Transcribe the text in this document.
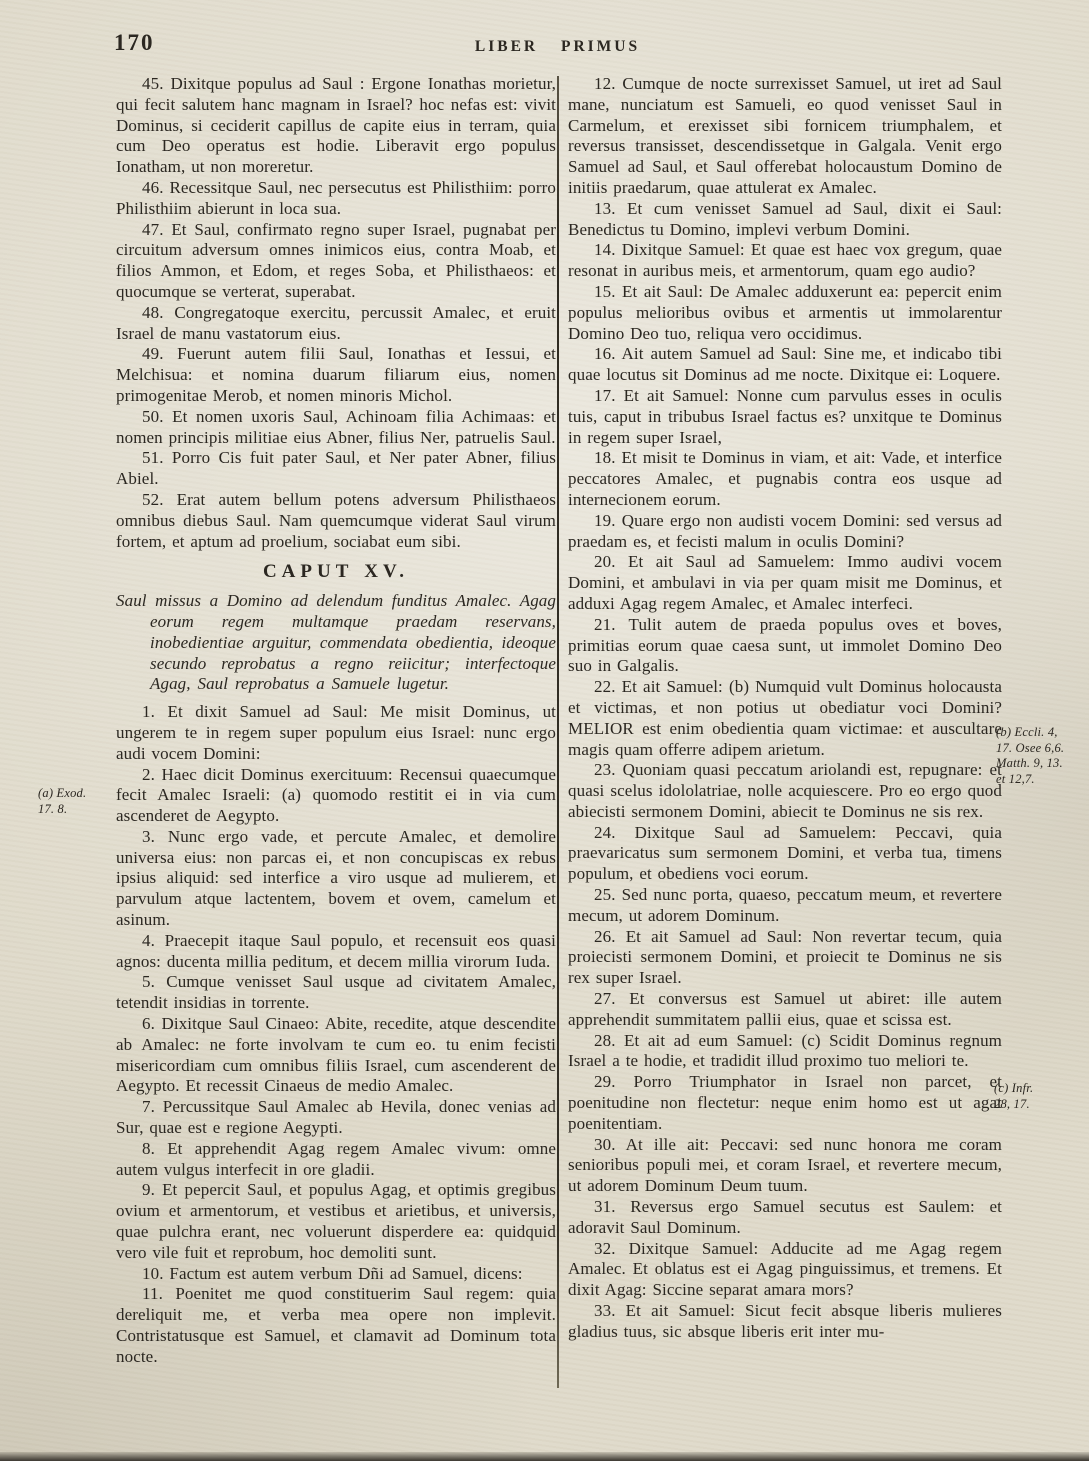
170	LIBER PRIMUS
(a) Exod.
17. 8.

45. Dixitque populus ad Saul : Ergone Ionathas morietur, qui fecit salutem hanc magnam in Israel? hoc nefas est: vivit Dominus, si ceciderit capillus de capite eius in terram, quia cum Deo operatus est hodie. Liberavit ergo populus Ionatham, ut non moreretur.

46. Recessitque Saul, nec persecutus est Philisthiim: porro Philisthiim abierunt in loca sua.

47. Et Saul, confirmato regno super Israel, pugnabat per circuitum adversum omnes inimicos eius, contra Moab, et filios Ammon, et Edom, et reges Soba, et Philisthaeos: et quocumque se verterat, superabat.

48. Congregatoque exercitu, percussit Amalec, et eruit Israel de manu vastatorum eius.

49. Fuerunt autem filii Saul, Ionathas et Iessui, et Melchisua: et nomina duarum filiarum eius, nomen primogenitae Merob, et nomen minoris Michol.

50. Et nomen uxoris Saul, Achinoam filia Achimaas: et nomen principis militiae eius Abner, filius Ner, patruelis Saul.

51. Porro Cis fuit pater Saul, et Ner pater Abner, filius Abiel.

52. Erat autem bellum potens adversum Philisthaeos omnibus diebus Saul. Nam quemcumque viderat Saul virum fortem, et aptum ad proelium, sociabat eum sibi.

CAPUT XV.

Saul missus a Domino ad delendum funditus Amalec. Agag eorum regem multamque praedam reservans, inobedientiae arguitur, commendata obedientia, ideoque secundo reprobatus a regno reiicitur; interfectoque Agag, Saul reprobatus a Samuele lugetur.

1. Et dixit Samuel ad Saul: Me misit Dominus, ut ungerem te in regem super populum eius Israel: nunc ergo audi vocem Domini:

2. Haec dicit Dominus exercituum: Recensui quaecumque fecit Amalec Israeli: (a) quomodo restitit ei in via cum ascenderet de Aegypto.

3. Nunc ergo vade, et percute Amalec, et demolire universa eius: non parcas ei, et non concupiscas ex rebus ipsius aliquid: sed interfice a viro usque ad mulierem, et parvulum atque lactentem, bovem et ovem, camelum et asinum.

4. Praecepit itaque Saul populo, et recensuit eos quasi agnos: ducenta millia peditum, et decem millia virorum Iuda.

5. Cumque venisset Saul usque ad civitatem Amalec, tetendit insidias in torrente.

6. Dixitque Saul Cinaeo: Abite, recedite, atque descendite ab Amalec: ne forte involvam te cum eo. tu enim fecisti misericordiam cum omnibus filiis Israel, cum ascenderent de Aegypto. Et recessit Cinaeus de medio Amalec.

7. Percussitque Saul Amalec ab Hevila, donec venias ad Sur, quae est e regione Aegypti.

8. Et apprehendit Agag regem Amalec vivum: omne autem vulgus interfecit in ore gladii.

9. Et pepercit Saul, et populus Agag, et optimis gregibus ovium et armentorum, et vestibus et arietibus, et universis, quae pulchra erant, nec voluerunt disperdere ea: quidquid vero vile fuit et reprobum, hoc demoliti sunt.

10. Factum est autem verbum Dñi ad Samuel, dicens:

11. Poenitet me quod constituerim Saul regem: quia dereliquit me, et verba mea opere non implevit. Contristatusque est Samuel, et clamavit ad Dominum tota nocte.

12. Cumque de nocte surrexisset Samuel, ut iret ad Saul mane, nunciatum est Samueli, eo quod venisset Saul in Carmelum, et erexisset sibi fornicem triumphalem, et reversus transisset, descendissetque in Galgala. Venit ergo Samuel ad Saul, et Saul offerebat holocaustum Domino de initiis praedarum, quae attulerat ex Amalec.

13. Et cum venisset Samuel ad Saul, dixit ei Saul: Benedictus tu Domino, implevi verbum Domini.

14. Dixitque Samuel: Et quae est haec vox gregum, quae resonat in auribus meis, et armentorum, quam ego audio?

15. Et ait Saul: De Amalec adduxerunt ea: pepercit enim populus melioribus ovibus et armentis ut immolarentur Domino Deo tuo, reliqua vero occidimus.

16. Ait autem Samuel ad Saul: Sine me, et indicabo tibi quae locutus sit Dominus ad me nocte. Dixitque ei: Loquere.

17. Et ait Samuel: Nonne cum parvulus esses in oculis tuis, caput in tribubus Israel factus es? unxitque te Dominus in regem super Israel,

18. Et misit te Dominus in viam, et ait: Vade, et interfice peccatores Amalec, et pugnabis contra eos usque ad internecionem eorum.

19. Quare ergo non audisti vocem Domini: sed versus ad praedam es, et fecisti malum in oculis Domini?

20. Et ait Saul ad Samuelem: Immo audivi vocem Domini, et ambulavi in via per quam misit me Dominus, et adduxi Agag regem Amalec, et Amalec interfeci.

21. Tulit autem de praeda populus oves et boves, primitias eorum quae caesa sunt, ut immolet Domino Deo suo in Galgalis.

22. Et ait Samuel: (b) Numquid vult Dominus holocausta et victimas, et non potius ut obediatur voci Domini? MELIOR est enim obedientia quam victimae: et auscultare magis quam offerre adipem arietum.

23. Quoniam quasi peccatum ariolandi est, repugnare: et quasi scelus idololatriae, nolle acquiescere. Pro eo ergo quod abiecisti sermonem Domini, abiecit te Dominus ne sis rex.

24. Dixitque Saul ad Samuelem: Peccavi, quia praevaricatus sum sermonem Domini, et verba tua, timens populum, et obediens voci eorum.

25. Sed nunc porta, quaeso, peccatum meum, et revertere mecum, ut adorem Dominum.

26. Et ait Samuel ad Saul: Non revertar tecum, quia proiecisti sermonem Domini, et proiecit te Dominus ne sis rex super Israel.

27. Et conversus est Samuel ut abiret: ille autem apprehendit summitatem pallii eius, quae et scissa est.

28. Et ait ad eum Samuel: (c) Scidit Dominus regnum Israel a te hodie, et tradidit illud proximo tuo meliori te.

29. Porro Triumphator in Israel non parcet, et poenitudine non flectetur: neque enim homo est ut agat poenitentiam.

30. At ille ait: Peccavi: sed nunc honora me coram senioribus populi mei, et coram Israel, et revertere mecum, ut adorem Dominum Deum tuum.

31. Reversus ergo Samuel secutus est Saulem: et adoravit Saul Dominum.

32. Dixitque Samuel: Adducite ad me Agag regem Amalec. Et oblatus est ei Agag pinguissimus, et tremens. Et dixit Agag: Siccine separat amara mors?

33. Et ait Samuel: Sicut fecit absque liberis mulieres gladius tuus, sic absque liberis erit inter mu-

(b) Eccli. 4,
17. Osee 6,6.
Matth. 9, 13.
et 12,7.
(c) Infr.
28, 17.
